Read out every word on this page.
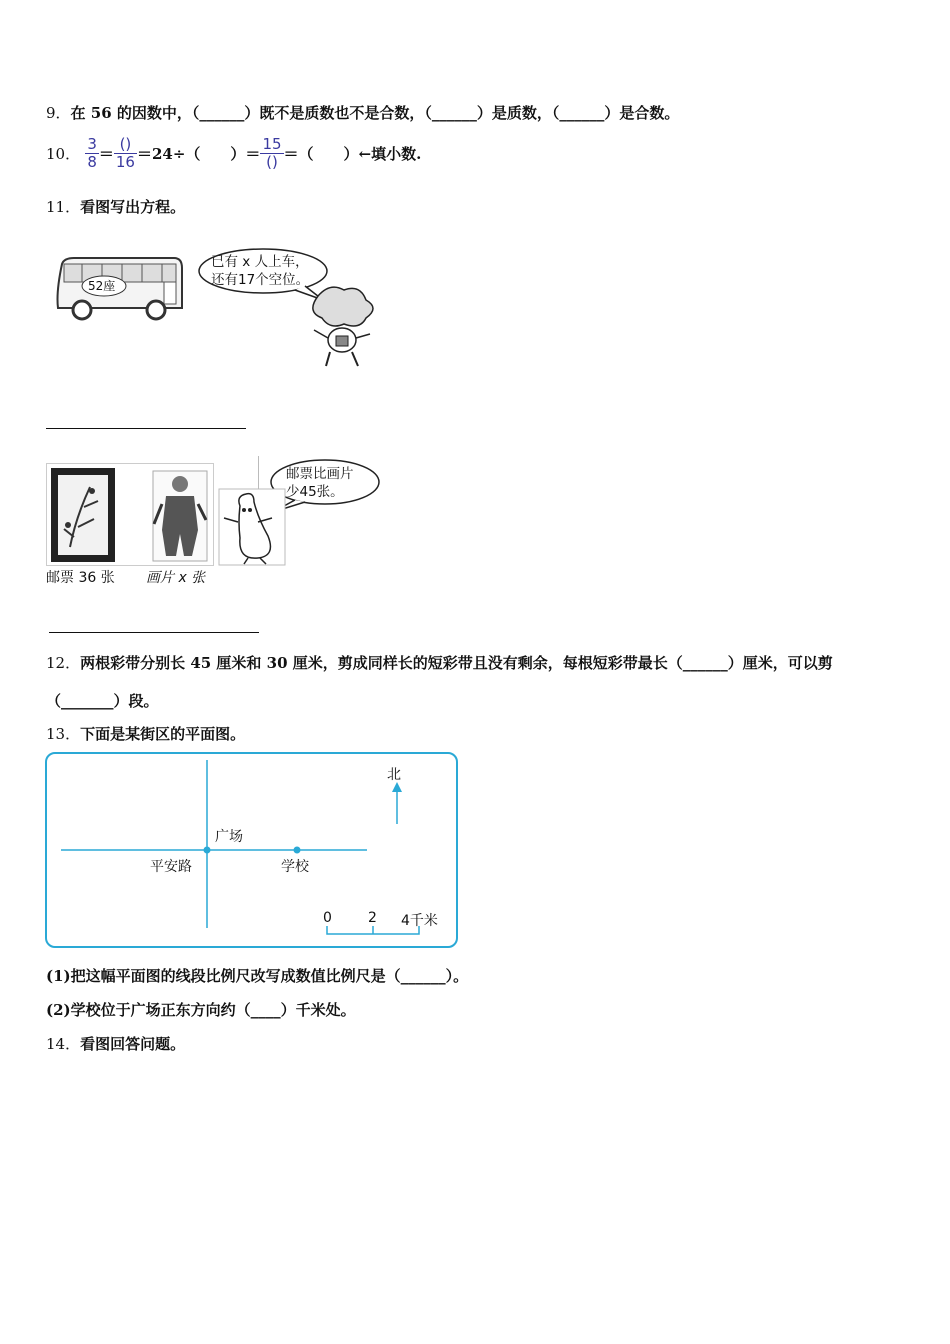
9．在 56 的因数中，（______）既不是质数也不是合数，（______）是质数，（______）是合数。
10． $\frac{3}{8} = \frac{()}{16} =24\div$（　　）＝ $\frac{15}{()}$ ＝（　　）←填小数.
11．看图写出方程。
52座
已有 x 人上车，
还有17个空位。
邮票 36 张 画片 x 张
邮票比画片
少45张。
12．两根彩带分别长 45 厘米和 30 厘米，剪成同样长的短彩带且没有剩余，每根短彩带最长（______）厘米，可以剪
（_______）段。
13．下面是某街区的平面图。
北
广场
平安路	学校
0	2 4千米
(1)把这幅平面图的线段比例尺改写成数值比例尺是（______）。
(2)学校位于广场正东方向约（____）千米处。
14．看图回答问题。
